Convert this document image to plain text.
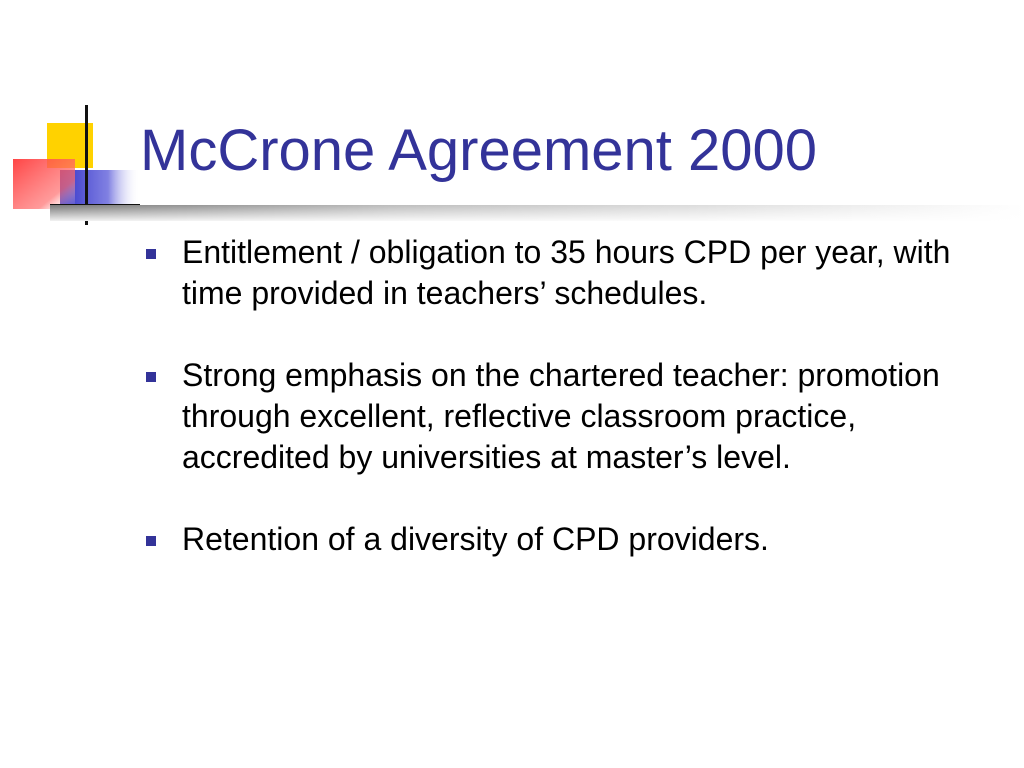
McCrone Agreement 2000
Entitlement / obligation to 35 hours CPD per year, with time provided in teachers’ schedules.
Strong emphasis on the chartered teacher: promotion through excellent, reflective classroom practice, accredited by universities at master’s level.
Retention of a diversity of CPD providers.
